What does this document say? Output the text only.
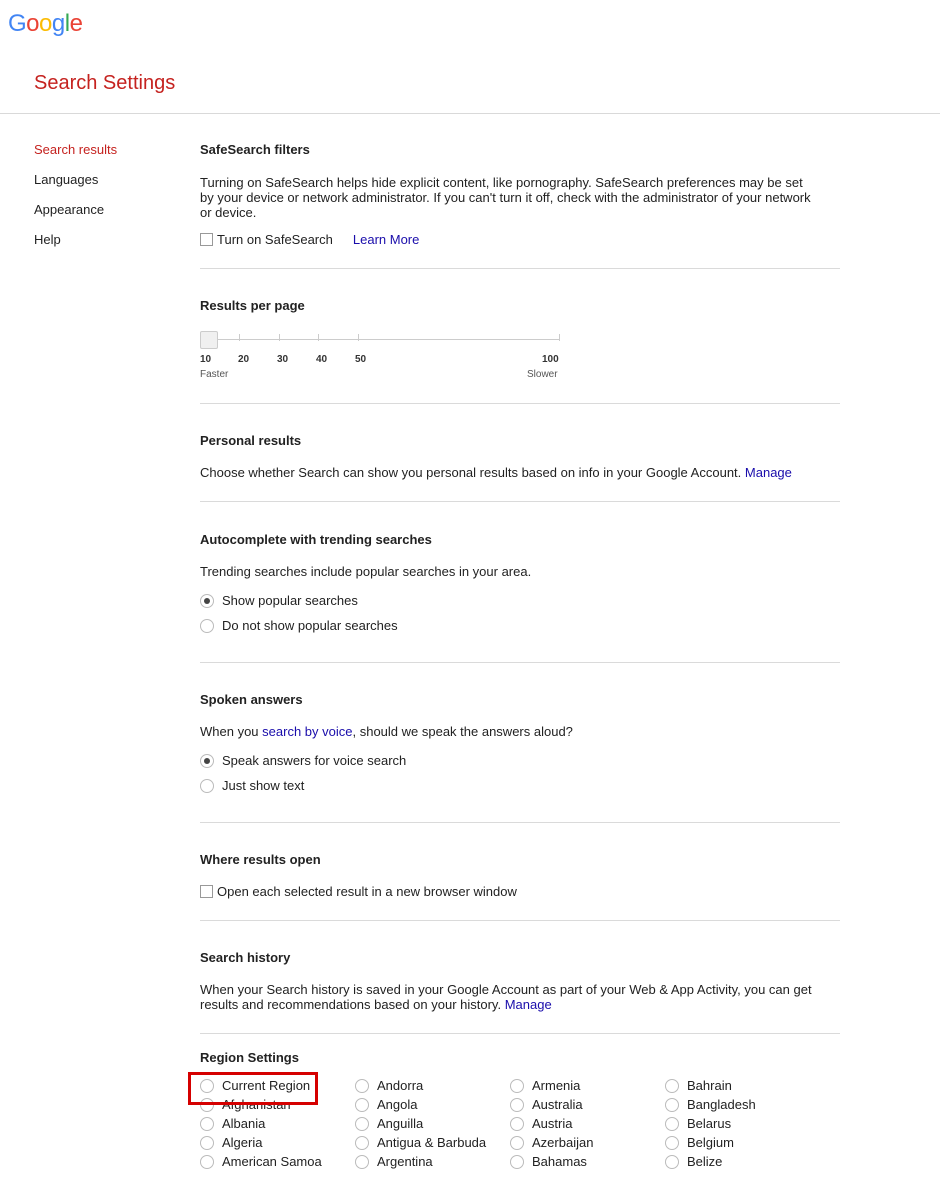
Google
Search Settings
Search results
Languages
Appearance
Help
SafeSearch filters
Turning on SafeSearch helps hide explicit content, like pornography. SafeSearch preferences may be set by your device or network administrator. If you can't turn it off, check with the administrator of your network or device.
Turn on SafeSearch Learn More
Results per page
10	20	30	40	50	100
Faster	Slower
Personal results
Choose whether Search can show you personal results based on info in your Google Account. Manage
Autocomplete with trending searches
Trending searches include popular searches in your area.
Show popular searches
Do not show popular searches
Spoken answers
When you search by voice, should we speak the answers aloud?
Speak answers for voice search
Just show text
Where results open
Open each selected result in a new browser window
Search history
When your Search history is saved in your Google Account as part of your Web & App Activity, you can get results and recommendations based on your history. Manage
Region Settings
Current Region
Afghanistan
Albania
Algeria
American Samoa
Andorra
Angola
Anguilla
Antigua & Barbuda
Argentina
Armenia
Australia
Austria
Azerbaijan
Bahamas
Bahrain
Bangladesh
Belarus
Belgium
Belize
